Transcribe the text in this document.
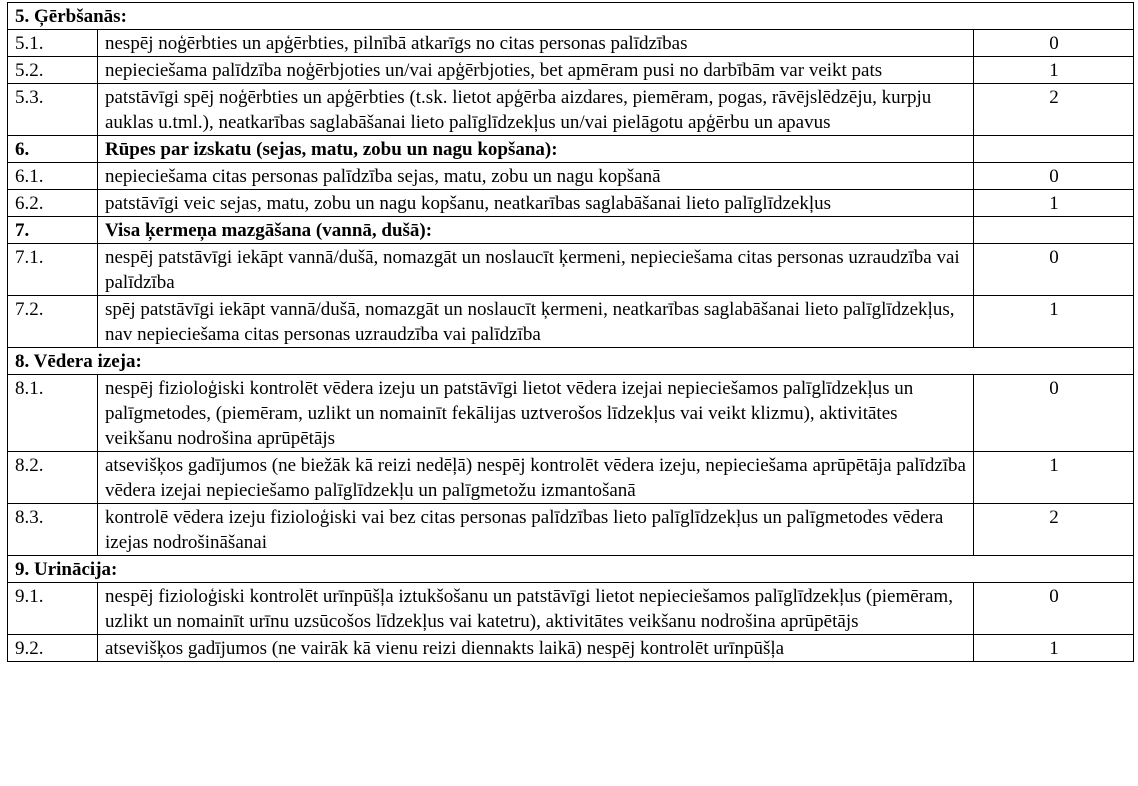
5. Ģērbšanās:		
5.1.	nespēj noģērbties un apģērbties, pilnībā atkarīgs no citas personas palīdzības	0
5.2.	nepieciešama palīdzība noģērbjoties un/vai apģērbjoties, bet apmēram pusi no darbībām var veikt pats	1
5.3.	patstāvīgi spēj noģērbties un apģērbties (t.sk. lietot apģērba aizdares, piemēram, pogas, rāvējslēdzēju, kurpju auklas u.tml.), neatkarības saglabāšanai lieto palīglīdzekļus un/vai pielāgotu apģērbu un apavus	2
6.	Rūpes par izskatu (sejas, matu, zobu un nagu kopšana):	
6.1.	nepieciešama citas personas palīdzība sejas, matu, zobu un nagu kopšanā	0
6.2.	patstāvīgi veic sejas, matu, zobu un nagu kopšanu, neatkarības saglabāšanai lieto palīglīdzekļus	1
7.	Visa ķermeņa mazgāšana (vannā, dušā):	
7.1.	nespēj patstāvīgi iekāpt vannā/dušā, nomazgāt un noslaucīt ķermeni, nepieciešama citas personas uzraudzība vai palīdzība	0
7.2.	spēj patstāvīgi iekāpt vannā/dušā, nomazgāt un noslaucīt ķermeni, neatkarības saglabāšanai lieto palīglīdzekļus, nav nepieciešama citas personas uzraudzība vai palīdzība	1
8. Vēdera izeja:		
8.1.	nespēj fizioloģiski kontrolēt vēdera izeju un patstāvīgi lietot vēdera izejai nepieciešamos palīglīdzekļus un palīgmetodes, (piemēram, uzlikt un nomainīt fekālijas uztverošos līdzekļus vai veikt klizmu), aktivitātes veikšanu nodrošina aprūpētājs	0
8.2.	atsevišķos gadījumos (ne biežāk kā reizi nedēļā) nespēj kontrolēt vēdera izeju, nepieciešama aprūpētāja palīdzība vēdera izejai nepieciešamo palīglīdzekļu un palīgmetožu izmantošanā	1
8.3.	kontrolē vēdera izeju fizioloģiski vai bez citas personas palīdzības lieto palīglīdzekļus un palīgmetodes vēdera izejas nodrošināšanai	2
9. Urinācija:		
9.1.	nespēj fizioloģiski kontrolēt urīnpūšļa iztukšošanu un patstāvīgi lietot nepieciešamos palīglīdzekļus (piemēram, uzlikt un nomainīt urīnu uzsūcošos līdzekļus vai katetru), aktivitātes veikšanu nodrošina aprūpētājs	0
9.2.	atsevišķos gadījumos (ne vairāk kā vienu reizi diennakts laikā) nespēj kontrolēt urīnpūšļa	1
